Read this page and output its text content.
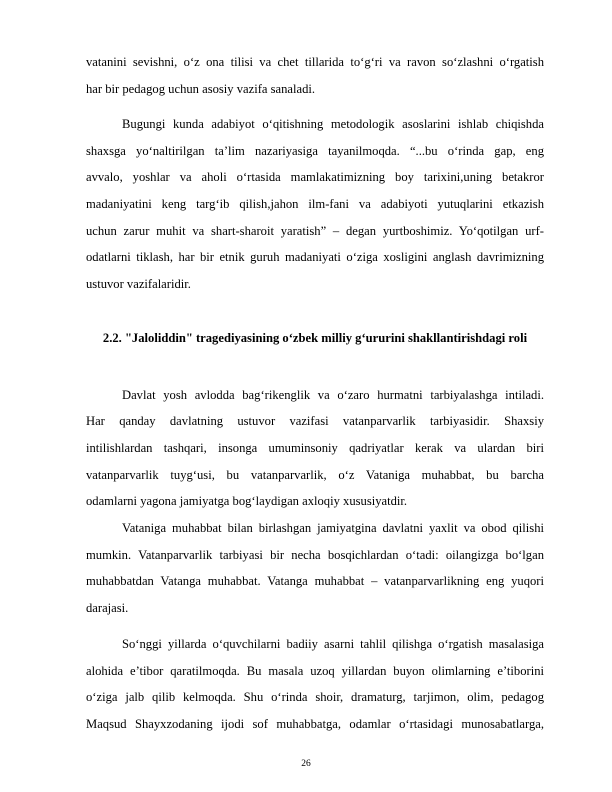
vatanini sevishni, o‘z ona tilisi va chet tillarida to‘g‘ri va ravon so‘zlashni o‘rgatish
har bir pedagog uchun asosiy vazifa sanaladi.
Bugungi kunda adabiyot o‘qitishning metodologik asoslarini ishlab chiqishda
shaxsga yo‘naltirilgan ta’lim nazariyasiga tayanilmoqda. “...bu o‘rinda gap, eng
avvalo, yoshlar va aholi o‘rtasida mamlakatimizning boy tarixini,uning betakror
madaniyatini keng targ‘ib qilish,jahon ilm-fani va adabiyoti yutuqlarini etkazish
uchun zarur muhit va shart-sharoit yaratish” – degan yurtboshimiz. Yo‘qotilgan urf-
odatlarni tiklash, har bir etnik guruh madaniyati o‘ziga xosligini anglash davrimizning
ustuvor vazifalaridir.
Davlat yosh avlodda bag‘rikenglik va o‘zaro hurmatni tarbiyalashga intiladi.
Har qanday davlatning ustuvor vazifasi vatanparvarlik tarbiyasidir. Shaxsiy
intilishlardan tashqari, insonga umuminsoniy qadriyatlar kerak va ulardan biri
vatanparvarlik tuyg‘usi, bu vatanparvarlik, o‘z Vataniga muhabbat, bu barcha
odamlarni yagona jamiyatga bog‘laydigan axloqiy xususiyatdir.
Vataniga muhabbat bilan birlashgan jamiyatgina davlatni yaxlit va obod qilishi
mumkin. Vatanparvarlik tarbiyasi bir necha bosqichlardan o‘tadi: oilangizga bo‘lgan
muhabbatdan Vatanga muhabbat. Vatanga muhabbat – vatanparvarlikning eng yuqori
darajasi.
So‘nggi yillarda o‘quvchilarni badiiy asarni tahlil qilishga o‘rgatish masalasiga
alohida e’tibor qaratilmoqda. Bu masala uzoq yillardan buyon olimlarning e’tiborini
o‘ziga jalb qilib kelmoqda. Shu o‘rinda shoir, dramaturg, tarjimon, olim, pedagog
Maqsud Shayxzodaning ijodi sof muhabbatga, odamlar o‘rtasidagi munosabatlarga,
2.2. "Jaloliddin" tragediyasining o‘zbek milliy g‘ururini shakllantirishdagi roli
26
